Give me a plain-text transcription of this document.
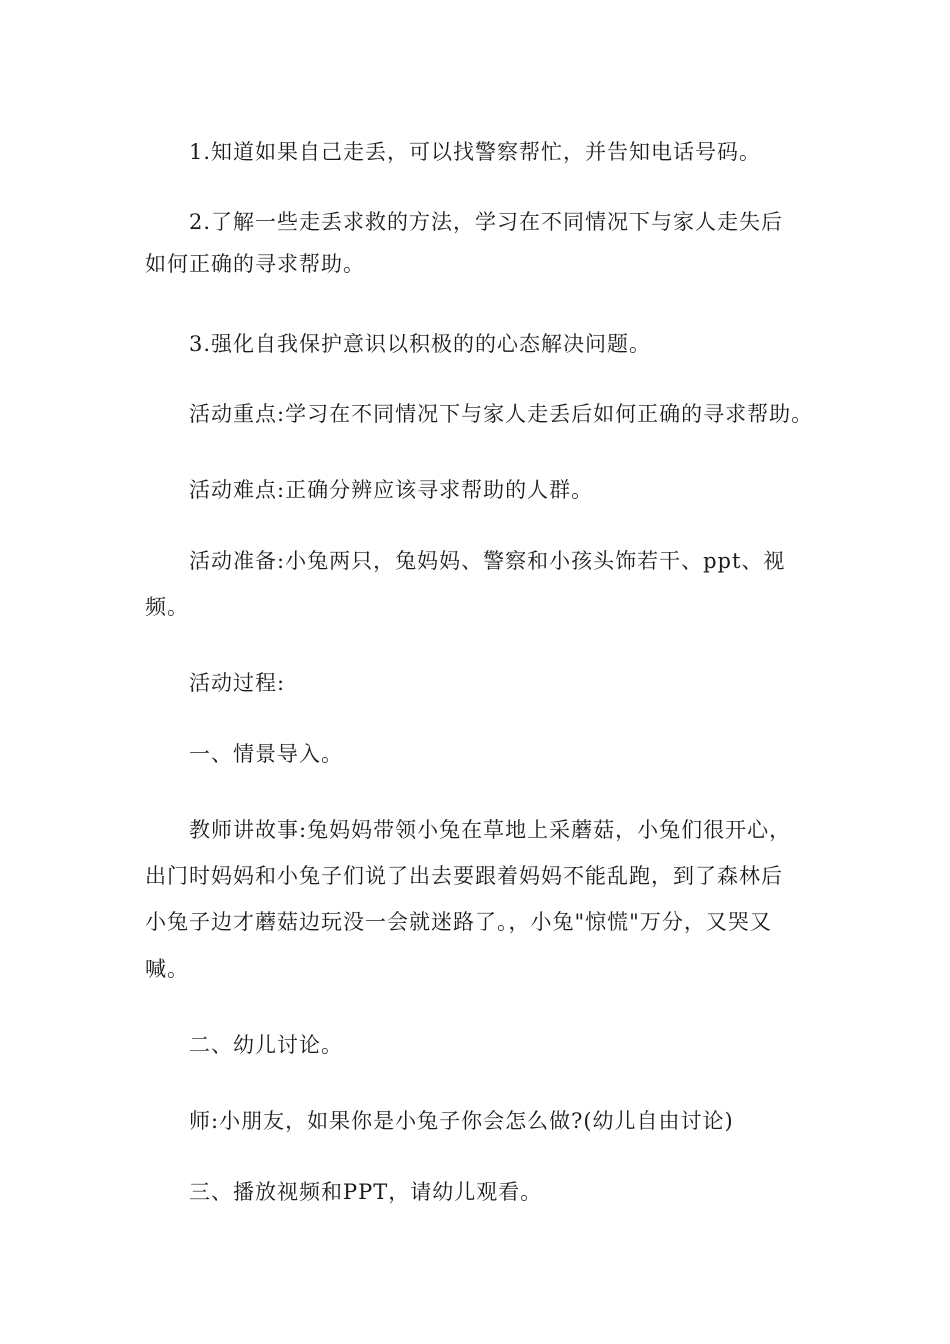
1.知道如果自己走丢，可以找警察帮忙，并告知电话号码。
2.了解一些走丢求救的方法，学习在不同情况下与家人走失后
如何正确的寻求帮助。
3.强化自我保护意识以积极的的心态解决问题。
活动重点:学习在不同情况下与家人走丢后如何正确的寻求帮助。
活动难点:正确分辨应该寻求帮助的人群。
活动准备:小兔两只，兔妈妈、警察和小孩头饰若干、ppt、视
频。
活动过程:
一、情景导入。
教师讲故事:兔妈妈带领小兔在草地上采蘑菇，小兔们很开心，
出门时妈妈和小兔子们说了出去要跟着妈妈不能乱跑，到了森林后
小兔子边才蘑菇边玩没一会就迷路了。，小兔"惊慌"万分，又哭又
喊。
二、幼儿讨论。
师:小朋友，如果你是小兔子你会怎么做?(幼儿自由讨论)
三、播放视频和PPT，请幼儿观看。
